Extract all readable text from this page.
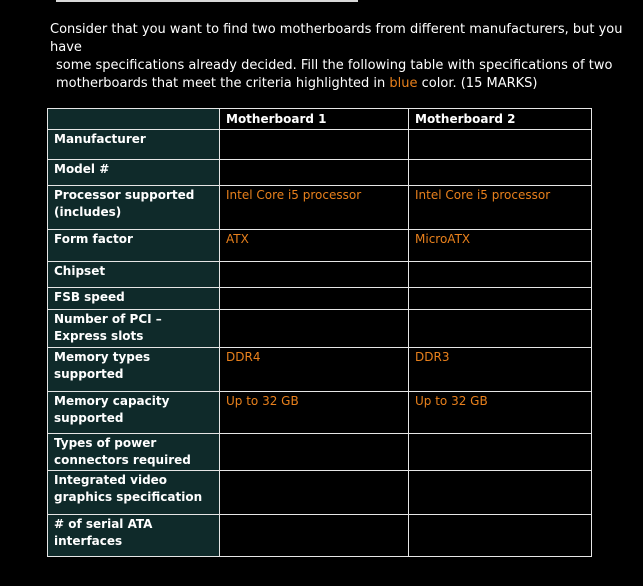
Consider that you want to find two motherboards from different manufacturers, but you have
some specifications already decided. Fill the following table with specifications of two
motherboards that meet the criteria highlighted in blue color. (15 MARKS)
	Motherboard 1	Motherboard 2
Manufacturer		
Model #		
Processor supported (includes)	Intel Core i5 processor	Intel Core i5 processor
Form factor	ATX	MicroATX
Chipset		
FSB speed		
Number of PCI – Express slots		
Memory types supported	DDR4	DDR3
Memory capacity supported	Up to 32 GB	Up to 32 GB
Types of power connectors required		
Integrated video graphics specification		
# of serial ATA interfaces		
